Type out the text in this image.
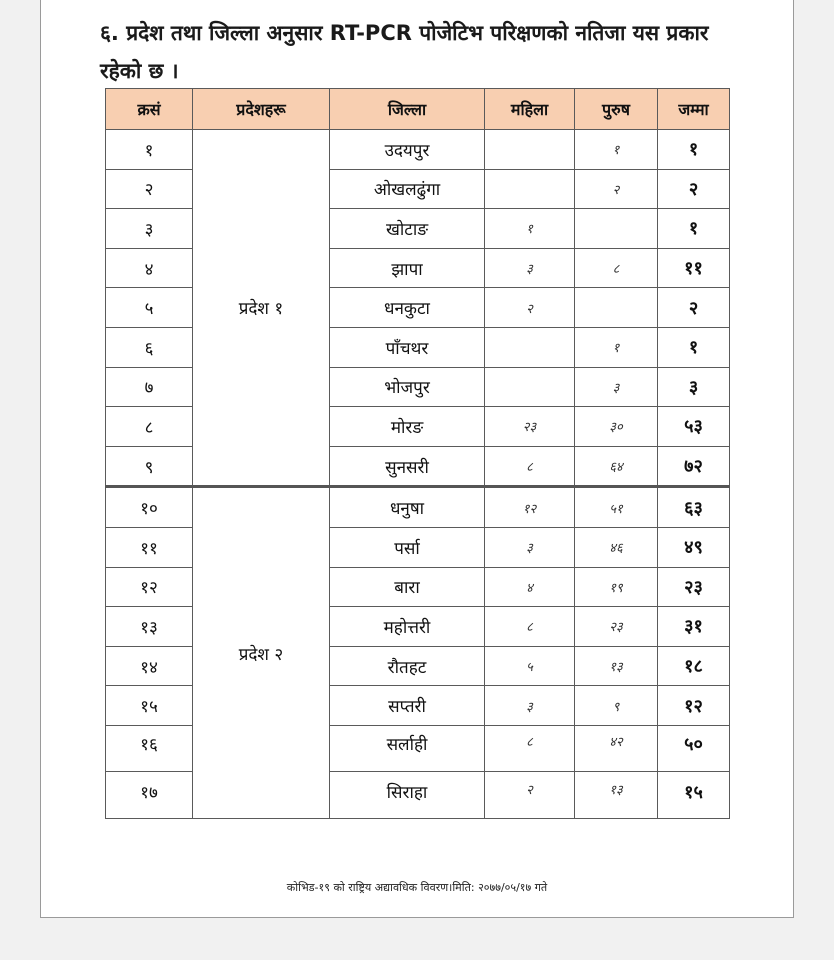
६. प्रदेश तथा जिल्ला अनुसार RT-PCR पोजेटिभ परिक्षणको नतिजा यस प्रकार रहेको छ ।
क्रसं	प्रदेशहरू	जिल्ला	महिला	पुरुष	जम्मा
१	प्रदेश १	उदयपुर		१	१
२		ओखलढुंगा		२	२
३		खोटाङ	१		१
४		झापा	३	८	११
५		धनकुटा	२		२
६		पाँचथर		१	१
७		भोजपुर		३	३
८		मोरङ	२३	३०	५३
९		सुनसरी	८	६४	७२
१०	प्रदेश २	धनुषा	१२	५१	६३
११		पर्सा	३	४६	४९
१२		बारा	४	१९	२३
१३		महोत्तरी	८	२३	३१
१४		रौतहट	५	१३	१८
१५		सप्तरी	३	९	१२
१६		सर्लाही	८	४२	५०
१७		सिराहा	२	१३	१५
कोभिड-१९ को राष्ट्रिय अद्यावधिक विवरण।मिति: २०७७/०५/१७ गते
